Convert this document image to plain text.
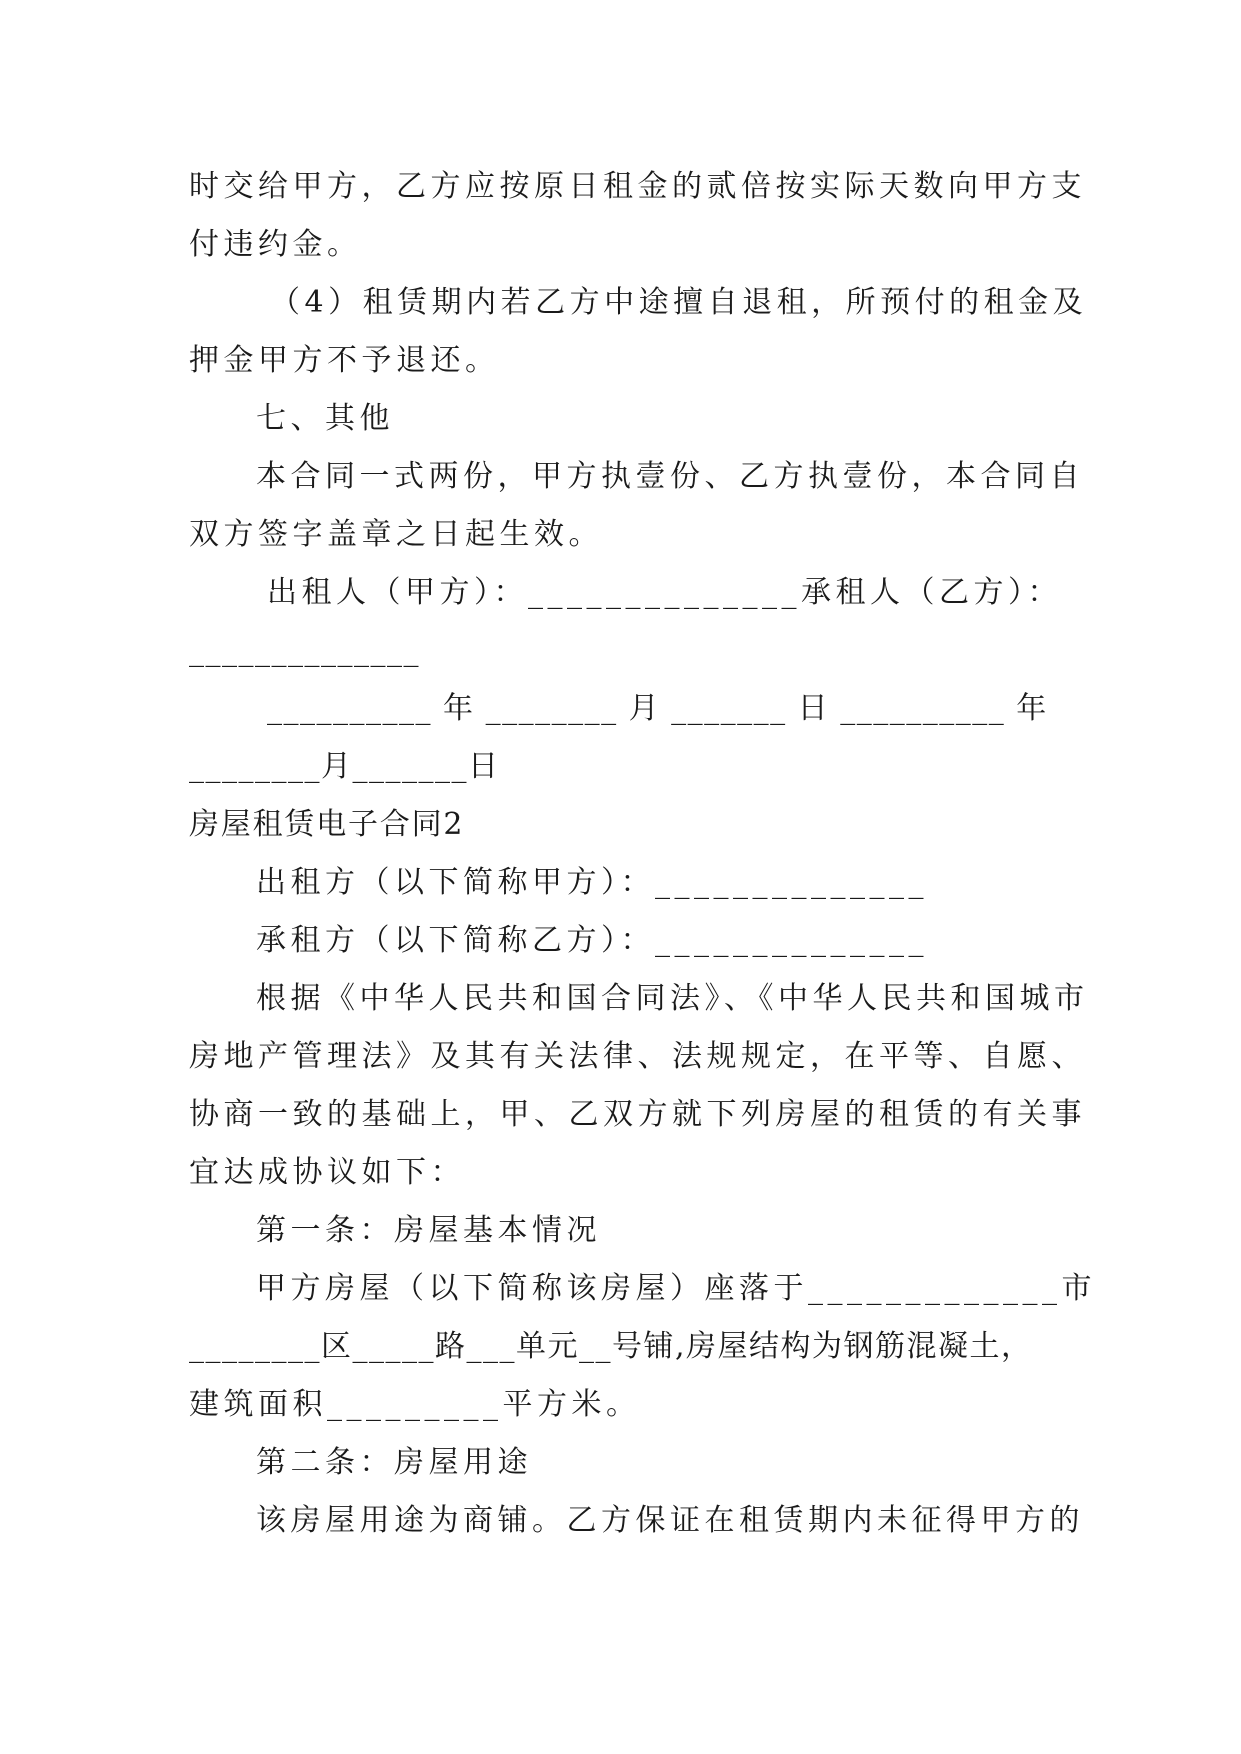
时交给甲方，乙方应按原日租金的贰倍按实际天数向甲方支
付违约金。
（4）租赁期内若乙方中途擅自退租，所预付的租金及
押金甲方不予退还。
七、其他
本合同一式两份，甲方执壹份、乙方执壹份，本合同自
双方签字盖章之日起生效。
出租人（甲方）：______________承租人（乙方）：
______________
__________ 年 ________ 月 _______ 日 __________ 年
________月_______日
房屋租赁电子合同2
出租方（以下简称甲方）：______________
承租方（以下简称乙方）：______________
根据《中华人民共和国合同法》、《中华人民共和国城市
房地产管理法》及其有关法律、法规规定，在平等、自愿、
协商一致的基础上，甲、乙双方就下列房屋的租赁的有关事
宜达成协议如下：
第一条：房屋基本情况
甲方房屋（以下简称该房屋）座落于_____________市
________区_____路___单元__号铺,房屋结构为钢筋混凝土，
建筑面积_________平方米。
第二条：房屋用途
该房屋用途为商铺。乙方保证在租赁期内未征得甲方的
